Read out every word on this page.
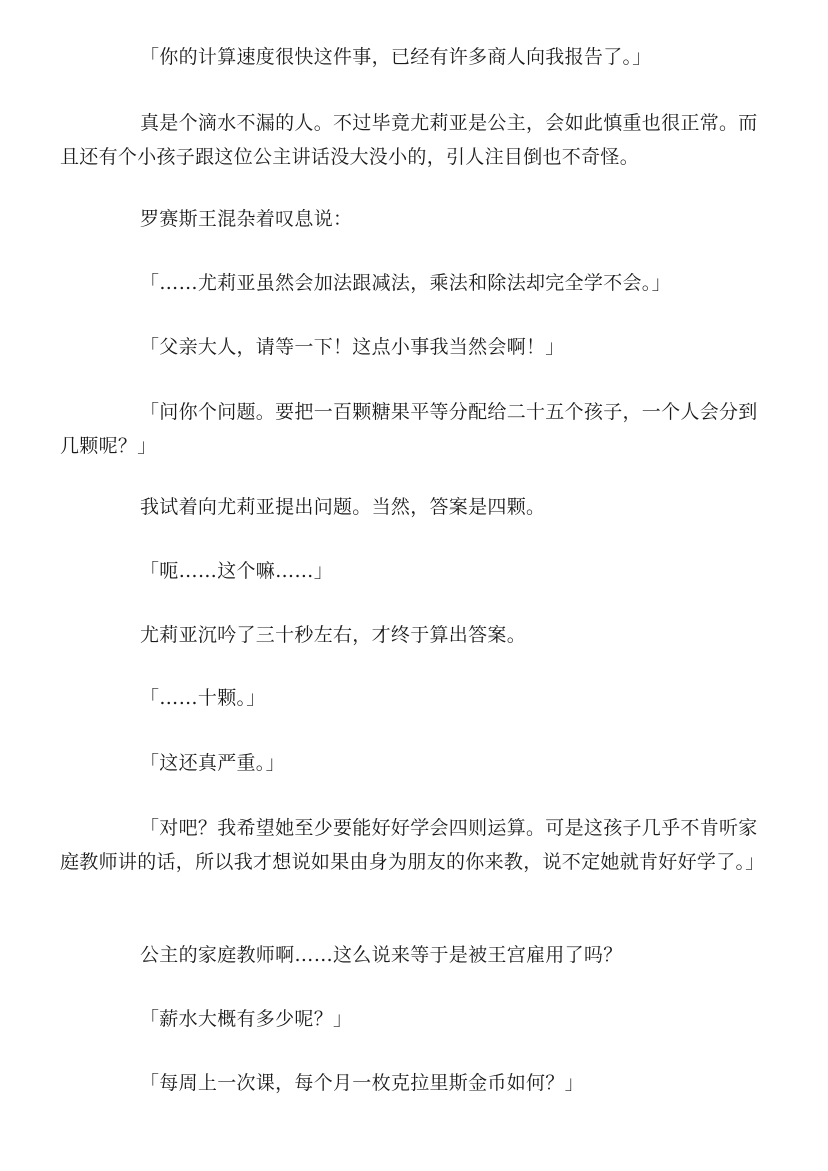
「你的计算速度很快这件事，已经有许多商人向我报告了。」

真是个滴水不漏的人。不过毕竟尤莉亚是公主，会如此慎重也很正常。而且还有个小孩子跟这位公主讲话没大没小的，引人注目倒也不奇怪。

罗赛斯王混杂着叹息说：

「……尤莉亚虽然会加法跟减法，乘法和除法却完全学不会。」

「父亲大人，请等一下！这点小事我当然会啊！」

「问你个问题。要把一百颗糖果平等分配给二十五个孩子，一个人会分到几颗呢？」

我试着向尤莉亚提出问题。当然，答案是四颗。

「呃……这个嘛……」

尤莉亚沉吟了三十秒左右，才终于算出答案。

「……十颗。」

「这还真严重。」

「对吧？我希望她至少要能好好学会四则运算。可是这孩子几乎不肯听家庭教师讲的话，所以我才想说如果由身为朋友的你来教，说不定她就肯好好学了。」

公主的家庭教师啊……这么说来等于是被王宫雇用了吗？

「薪水大概有多少呢？」

「每周上一次课，每个月一枚克拉里斯金币如何？」
